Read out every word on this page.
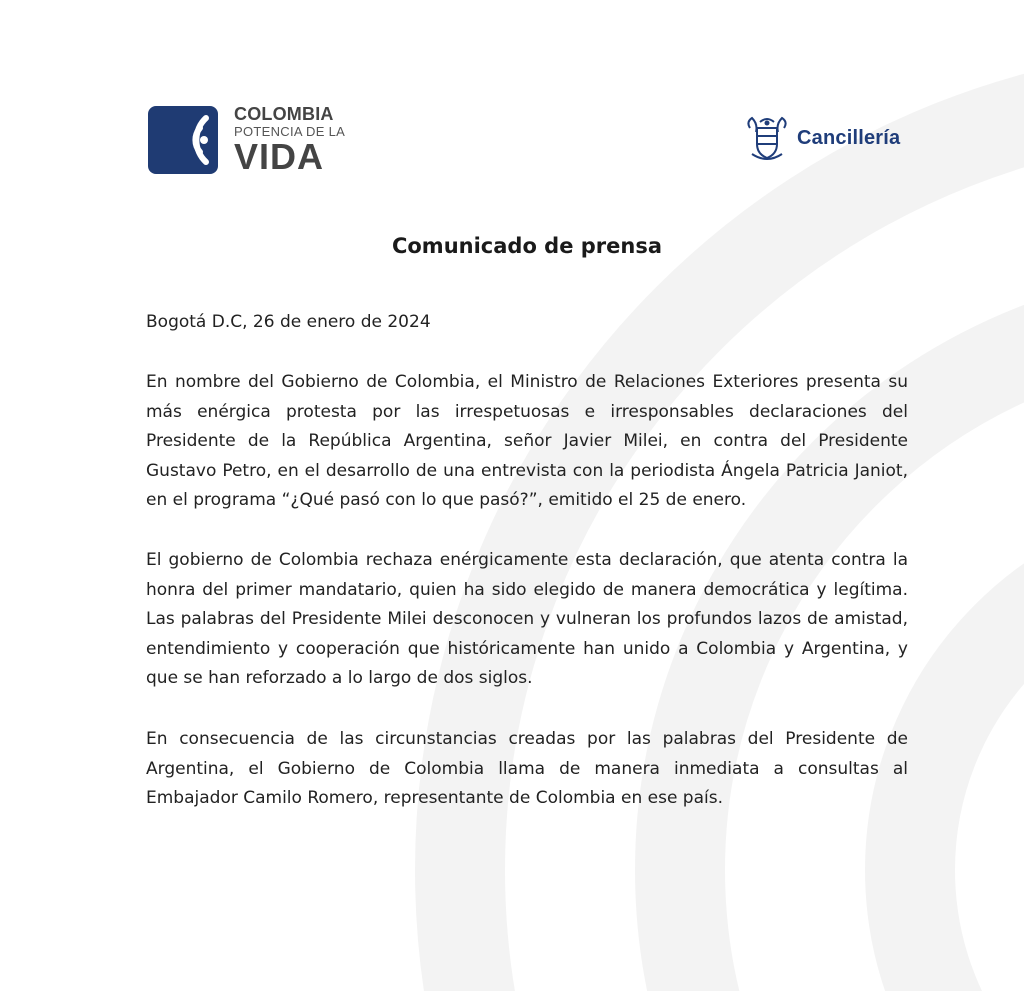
COLOMBIA
POTENCIA DE LA
VIDA	Cancillería
Comunicado de prensa
Bogotá D.C, 26 de enero de 2024

En nombre del Gobierno de Colombia, el Ministro de Relaciones Exteriores presenta su más enérgica protesta por las irrespetuosas e irresponsables declaraciones del Presidente de la República Argentina, señor Javier Milei, en contra del Presidente Gustavo Petro, en el desarrollo de una entrevista con la periodista Ángela Patricia Janiot, en el programa “¿Qué pasó con lo que pasó?”, emitido el 25 de enero.

El gobierno de Colombia rechaza enérgicamente esta declaración, que atenta contra la honra del primer mandatario, quien ha sido elegido de manera democrática y legítima. Las palabras del Presidente Milei desconocen y vulneran los profundos lazos de amistad, entendimiento y cooperación que históricamente han unido a Colombia y Argentina, y que se han reforzado a lo largo de dos siglos.

En consecuencia de las circunstancias creadas por las palabras del Presidente de Argentina, el Gobierno de Colombia llama de manera inmediata a consultas al Embajador Camilo Romero, representante de Colombia en ese país.
